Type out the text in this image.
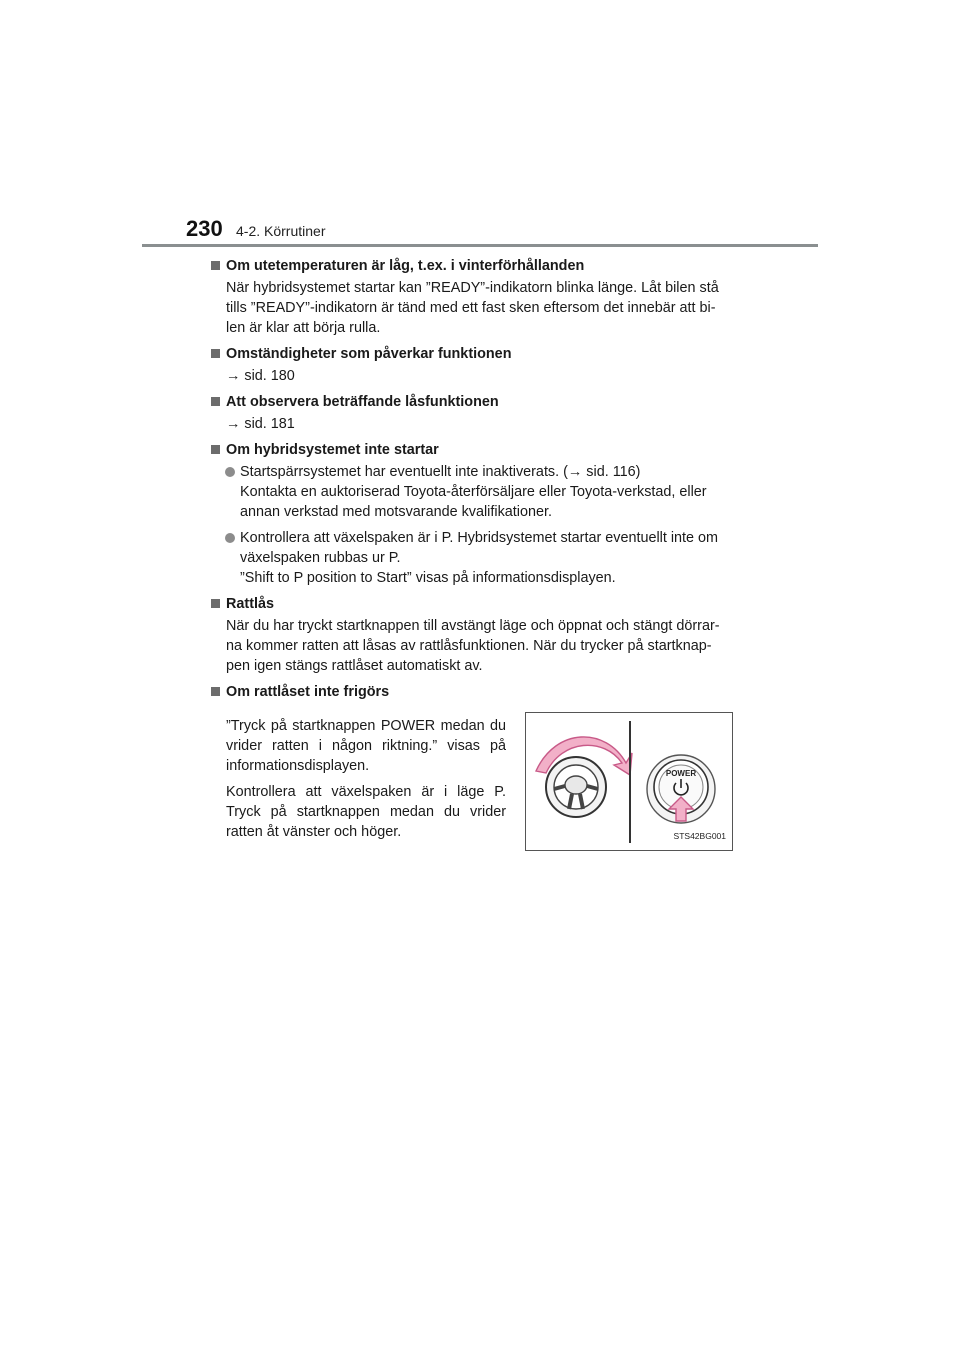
230 4-2. Körrutiner
Om utetemperaturen är låg, t.ex. i vinterförhållanden
När hybridsystemet startar kan ”READY”-indikatorn blinka länge. Låt bilen stå
tills ”READY”-indikatorn är tänd med ett fast sken eftersom det innebär att bi-
len är klar att börja rulla.
Omständigheter som påverkar funktionen
→ sid. 180
Att observera beträffande låsfunktionen
→ sid. 181
Om hybridsystemet inte startar
Startspärrsystemet har eventuellt inte inaktiverats. (→ sid. 116)
Kontakta en auktoriserad Toyota-återförsäljare eller Toyota-verkstad, eller
annan verkstad med motsvarande kvalifikationer.
Kontrollera att växelspaken är i P. Hybridsystemet startar eventuellt inte om
växelspaken rubbas ur P.
”Shift to P position to Start” visas på informationsdisplayen.
Rattlås
När du har tryckt startknappen till avstängt läge och öppnat och stängt dörrar-
na kommer ratten att låsas av rattlåsfunktionen. När du trycker på startknap-
pen igen stängs rattlåset automatiskt av.
Om rattlåset inte frigörs

”Tryck på startknappen POWER medan du vrider ratten i någon riktning.” visas på informationsdisplayen.

Kontrollera att växelspaken är i läge P. Tryck på startknappen medan du vrider ratten åt vänster och höger.

POWER
STS42BG001
